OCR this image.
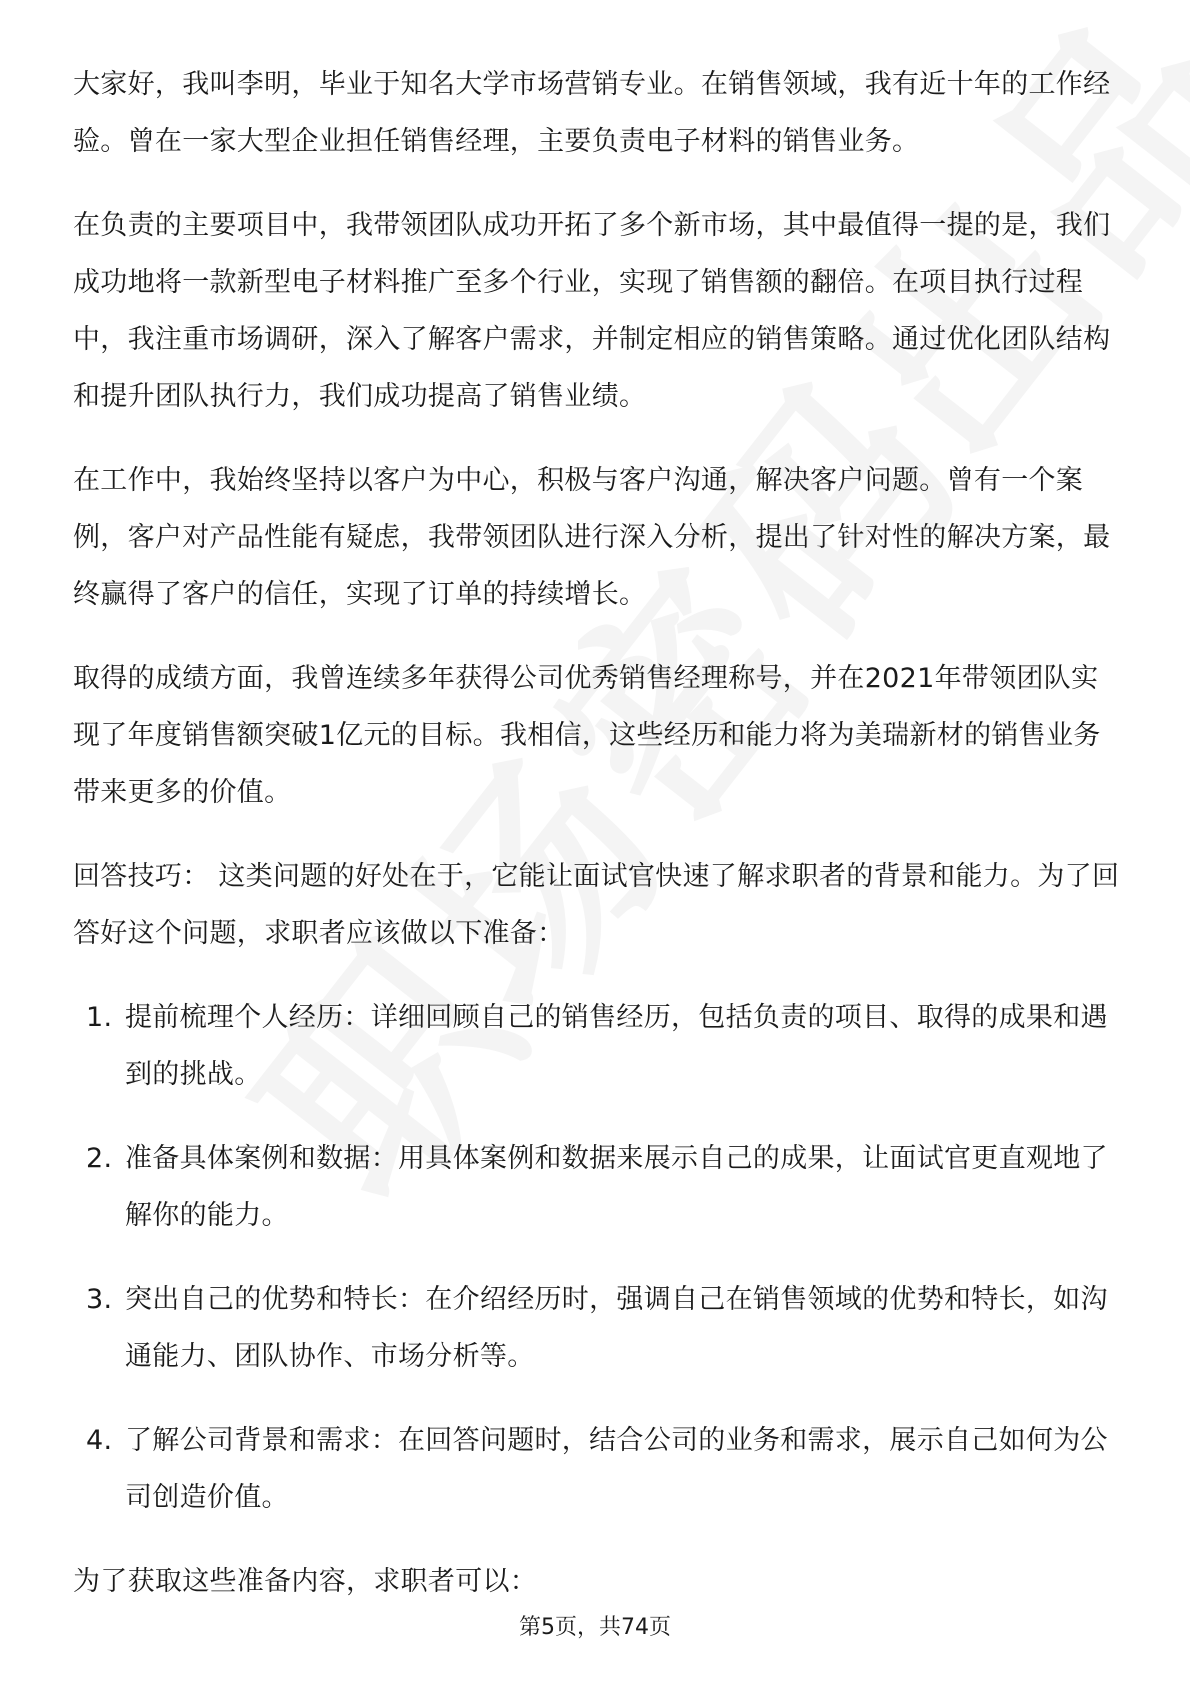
大家好，我叫李明，毕业于知名大学市场营销专业。在销售领域，我有近十年的工作经验。曾在一家大型企业担任销售经理，主要负责电子材料的销售业务。

在负责的主要项目中，我带领团队成功开拓了多个新市场，其中最值得一提的是，我们成功地将一款新型电子材料推广至多个行业，实现了销售额的翻倍。在项目执行过程中，我注重市场调研，深入了解客户需求，并制定相应的销售策略。通过优化团队结构和提升团队执行力，我们成功提高了销售业绩。

在工作中，我始终坚持以客户为中心，积极与客户沟通，解决客户问题。曾有一个案例，客户对产品性能有疑虑，我带领团队进行深入分析，提出了针对性的解决方案，最终赢得了客户的信任，实现了订单的持续增长。

取得的成绩方面，我曾连续多年获得公司优秀销售经理称号，并在2021年带领团队实现了年度销售额突破1亿元的目标。我相信，这些经历和能力将为美瑞新材的销售业务带来更多的价值。

回答技巧： 这类问题的好处在于，它能让面试官快速了解求职者的背景和能力。为了回答好这个问题，求职者应该做以下准备：

1. 提前梳理个人经历：详细回顾自己的销售经历，包括负责的项目、取得的成果和遇到的挑战。
2. 准备具体案例和数据：用具体案例和数据来展示自己的成果，让面试官更直观地了解你的能力。
3. 突出自己的优势和特长：在介绍经历时，强调自己在销售领域的优势和特长，如沟通能力、团队协作、市场分析等。
4. 了解公司背景和需求：在回答问题时，结合公司的业务和需求，展示自己如何为公司创造价值。

为了获取这些准备内容，求职者可以：

第5页，共74页
